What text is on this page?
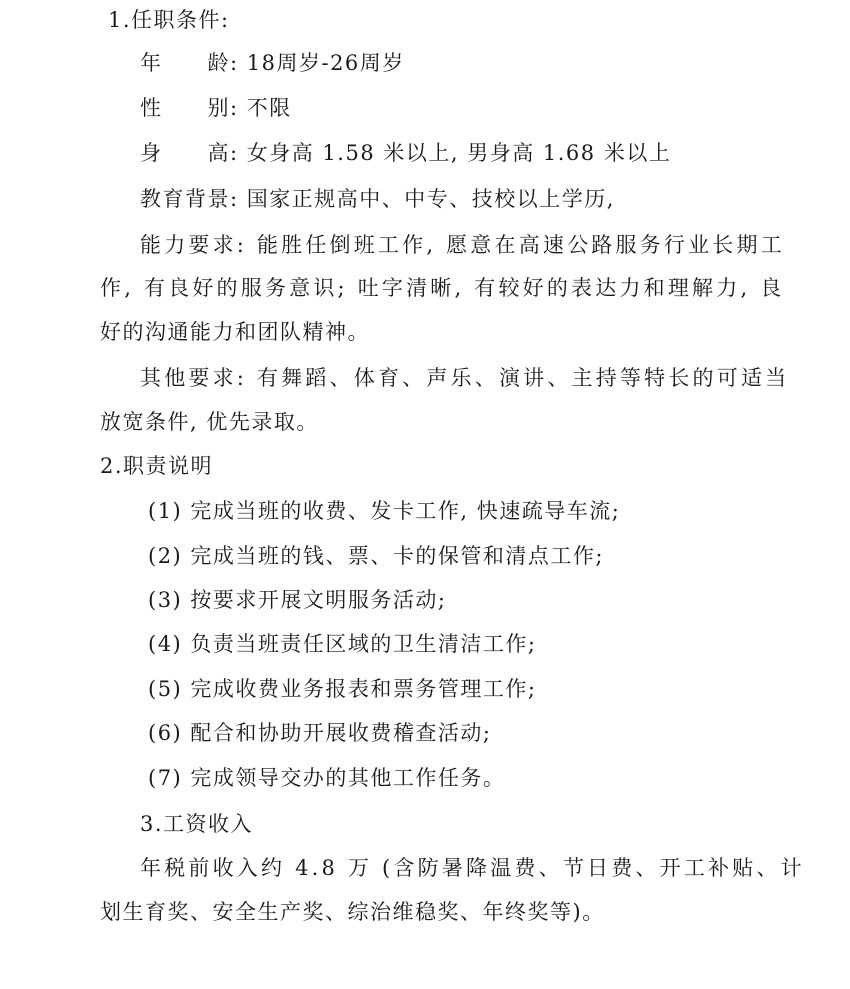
1.任职条件:
年　　龄: 18周岁-26周岁
性　　别: 不限
身　　高: 女身高 1.58 米以上, 男身高 1.68 米以上
教育背景: 国家正规高中、中专、技校以上学历,
能力要求: 能胜任倒班工作, 愿意在高速公路服务行业长期工
作, 有良好的服务意识; 吐字清晰, 有较好的表达力和理解力, 良
好的沟通能力和团队精神。
其他要求: 有舞蹈、体育、声乐、演讲、主持等特长的可适当
放宽条件, 优先录取。
2.职责说明
(1) 完成当班的收费、发卡工作, 快速疏导车流;
(2) 完成当班的钱、票、卡的保管和清点工作;
(3) 按要求开展文明服务活动;
(4) 负责当班责任区域的卫生清洁工作;
(5) 完成收费业务报表和票务管理工作;
(6) 配合和协助开展收费稽查活动;
(7) 完成领导交办的其他工作任务。
3.工资收入
年税前收入约 4.8 万 (含防暑降温费、节日费、开工补贴、计
划生育奖、安全生产奖、综治维稳奖、年终奖等)。
